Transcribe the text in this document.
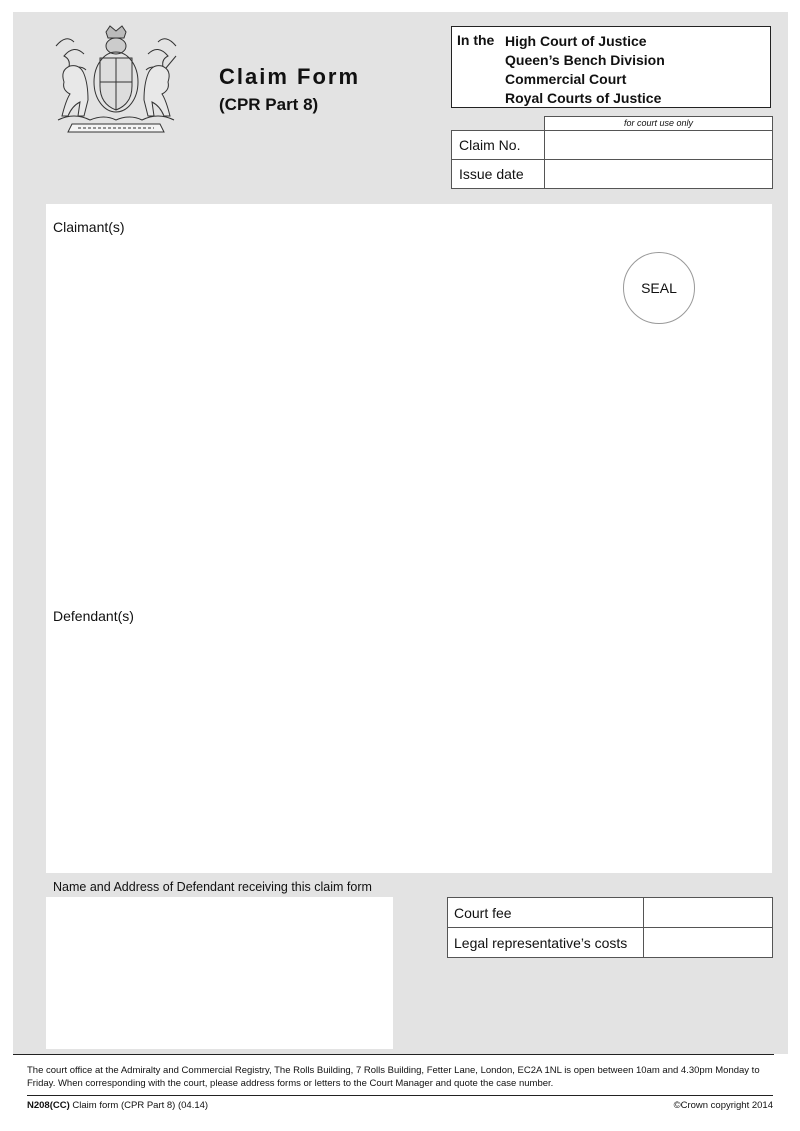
Claim Form
(CPR Part 8)
In the High Court of Justice
Queen’s Bench Division
Commercial Court
Royal Courts of Justice
for court use only
Claim No.	
Issue date	
Claimant(s)
SEAL
Defendant(s)
Name and Address of Defendant receiving this claim form
Court fee	
Legal representative’s costs	
The court office at the Admiralty and Commercial Registry, The Rolls Building, 7 Rolls Building, Fetter Lane, London, EC2A 1NL is open between 10am and 4.30pm Monday to Friday. When corresponding with the court, please address forms or letters to the Court Manager and quote the case number.
N208(CC) Claim form (CPR Part 8) (04.14)	©Crown copyright 2014
